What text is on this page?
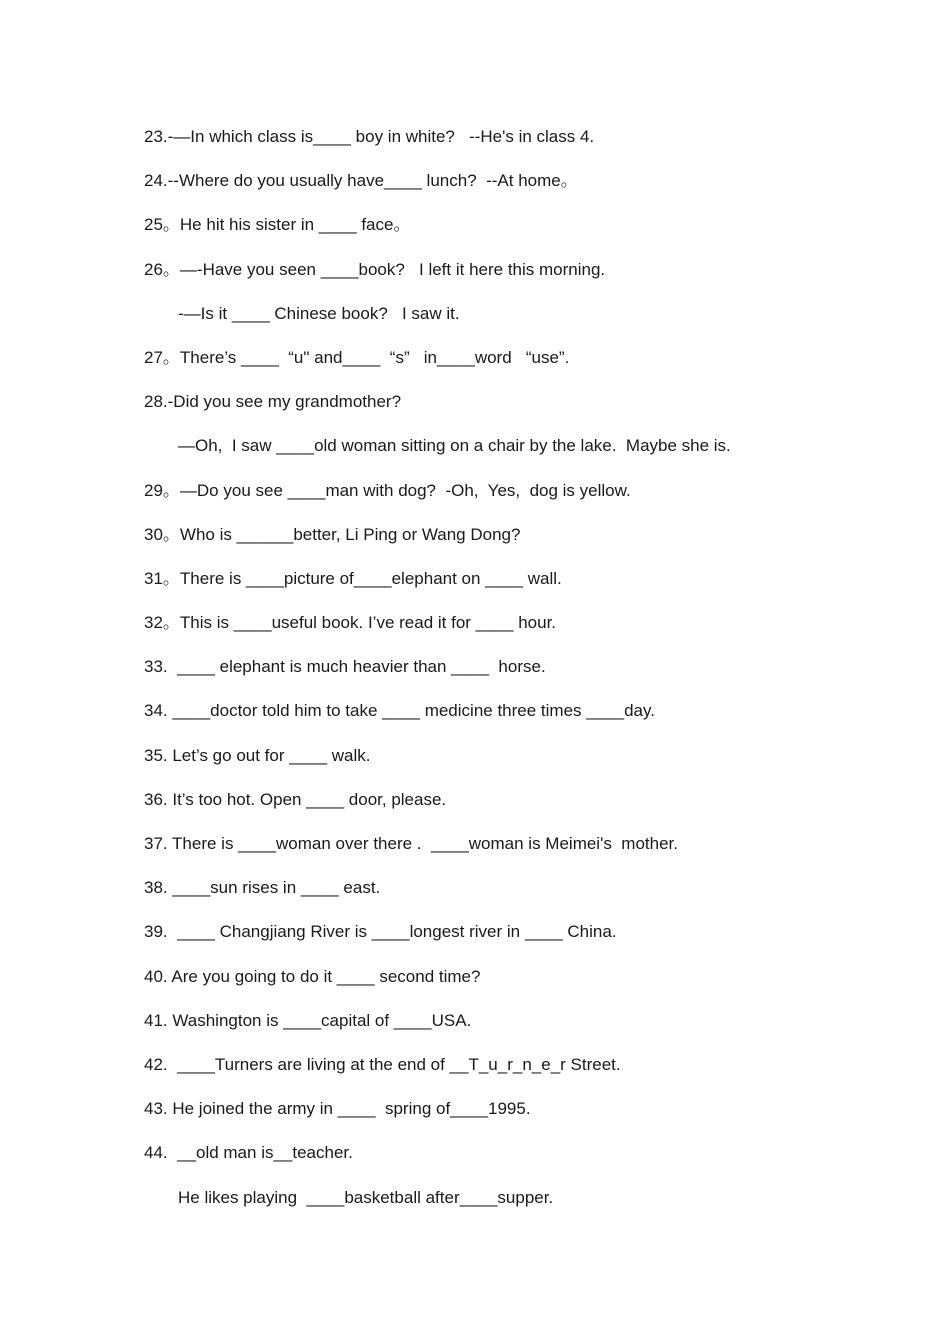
23.-—In which class is____ boy in white?   --He's in class 4.
24.--Where do you usually have____ lunch?  --At home。
25。He hit his sister in ____ face。
26。—-Have you seen ____book?   I left it here this morning.
-—Is it ____ Chinese book?   I saw it.
27。There’s ____  “u" and____  “s”   in____word   “use”.
28.-Did you see my grandmother?
—Oh,  I saw ____old woman sitting on a chair by the lake.  Maybe she is.
29。—Do you see ____man with dog?  -Oh,  Yes,  dog is yellow.
30。Who is ______better, Li Ping or Wang Dong?
31。There is ____picture of____elephant on ____ wall.
32。This is ____useful book. I’ve read it for ____ hour.
33.  ____ elephant is much heavier than ____  horse.
34. ____doctor told him to take ____ medicine three times ____day.
35. Let’s go out for ____ walk.
36. It’s too hot. Open ____ door, please.
37. There is ____woman over there .  ____woman is Meimei's  mother.
38. ____sun rises in ____ east.
39.  ____ Changjiang River is ____longest river in ____ China.
40. Are you going to do it ____ second time?
41. Washington is ____capital of ____USA.
42.  ____Turners are living at the end of __T_u_r_n_e_r Street.
43. He joined the army in ____  spring of____1995.
44.  __old man is__teacher.
He likes playing  ____basketball after____supper.
